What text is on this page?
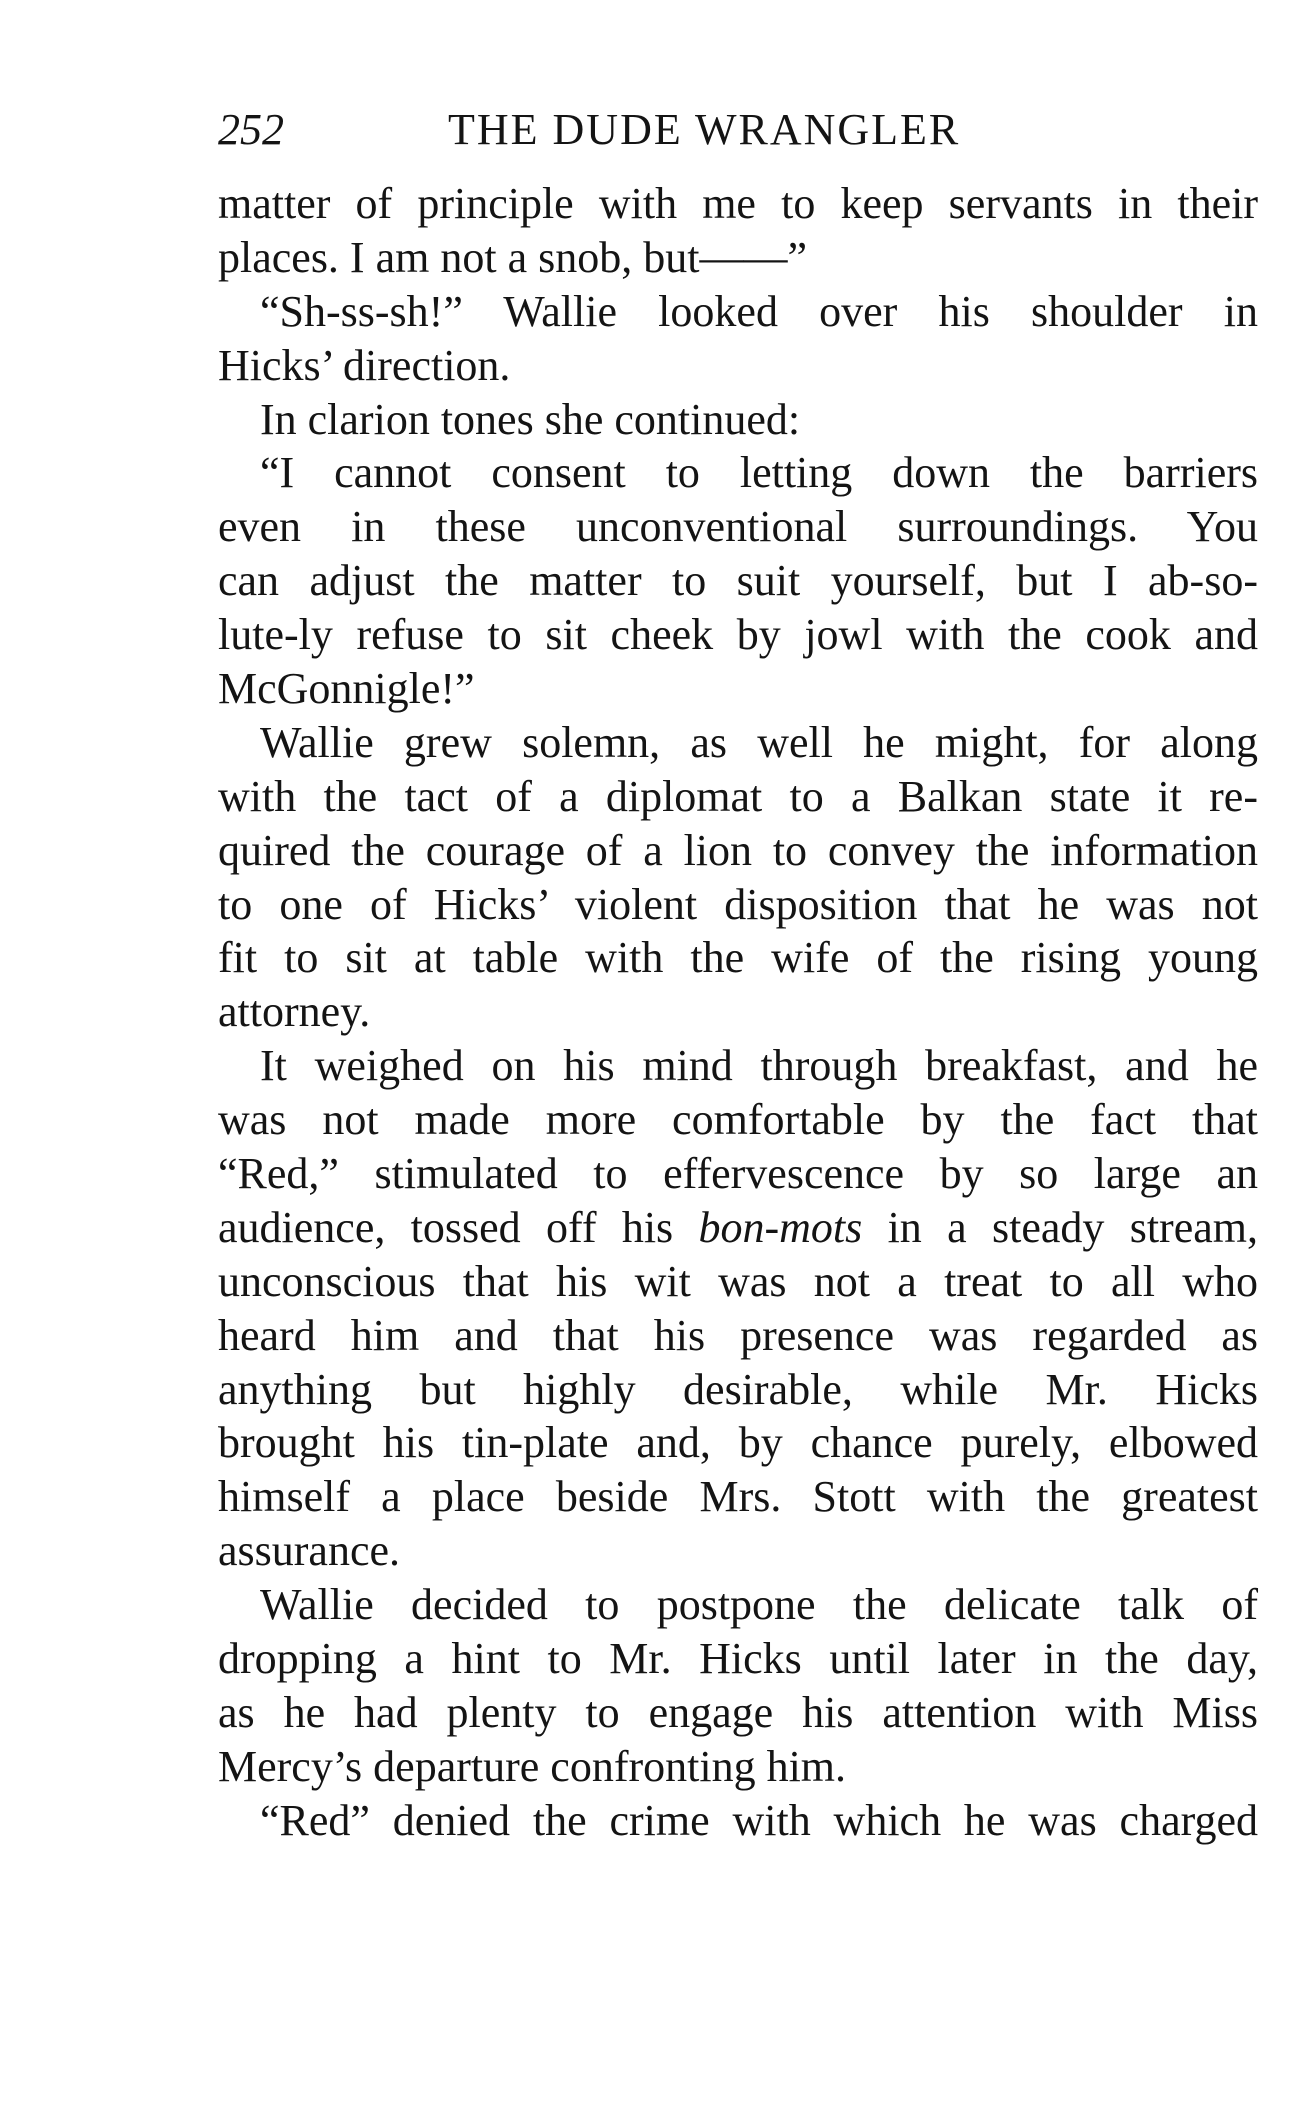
252	THE DUDE WRANGLER
matter of principle with me to keep servants in their
places. I am not a snob, but——”
“Sh-ss-sh!” Wallie looked over his shoulder in
Hicks’ direction.
In clarion tones she continued:
“I cannot consent to letting down the barriers
even in these unconventional surroundings. You
can adjust the matter to suit yourself, but I ab-so-
lute-ly refuse to sit cheek by jowl with the cook and
McGonnigle!”
Wallie grew solemn, as well he might, for along
with the tact of a diplomat to a Balkan state it re-
quired the courage of a lion to convey the information
to one of Hicks’ violent disposition that he was not
fit to sit at table with the wife of the rising young
attorney.
It weighed on his mind through breakfast, and he
was not made more comfortable by the fact that
“Red,” stimulated to effervescence by so large an
audience, tossed off his bon-mots in a steady stream,
unconscious that his wit was not a treat to all who
heard him and that his presence was regarded as
anything but highly desirable, while Mr. Hicks
brought his tin-plate and, by chance purely, elbowed
himself a place beside Mrs. Stott with the greatest
assurance.
Wallie decided to postpone the delicate talk of
dropping a hint to Mr. Hicks until later in the day,
as he had plenty to engage his attention with Miss
Mercy’s departure confronting him.
“Red” denied the crime with which he was charged
